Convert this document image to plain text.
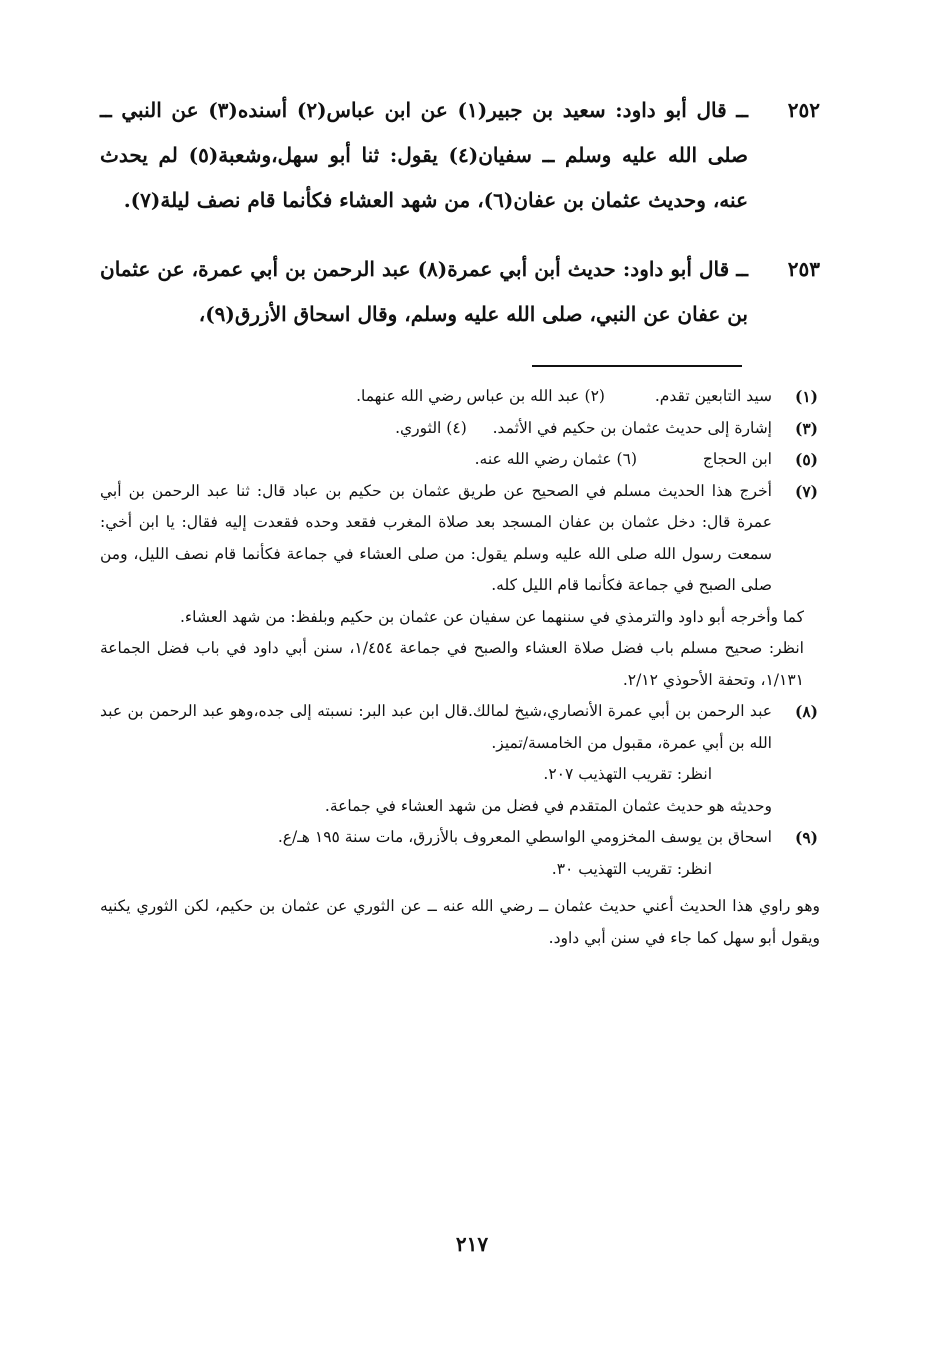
٢٥٢
ــ قال أبو داود: سعيد بن جبير(١) عن ابن عباس(٢) أسنده(٣) عن النبي ــ صلى الله عليه وسلم ــ سفيان(٤) يقول: ثنا أبو سهل،وشعبة(٥) لم يحدث عنه، وحديث عثمان بن عفان(٦)، من شهد العشاء فكأنما قام نصف ليلة(٧).
٢٥٣
ــ قال أبو داود: حديث أبن أبي عمرة(٨) عبد الرحمن بن أبي عمرة، عن عثمان بن عفان عن النبي، صلى الله عليه وسلم، وقال اسحاق الأزرق(٩)،
(١)
سيد التابعين تقدم.  (٢) عبد الله بن عباس رضي الله عنهما.
(٣)
إشارة إلى حديث عثمان بن حكيم في الأثمد.  (٤) الثوري.
(٥)
ابن الحجاج  (٦) عثمان رضي الله عنه.
(٧)
أخرج هذا الحديث مسلم في الصحيح عن طريق عثمان بن حكيم بن عباد قال: ثنا عبد الرحمن بن أبي عمرة قال: دخل عثمان بن عفان المسجد بعد صلاة المغرب فقعد وحده فقعدت إليه فقال: يا ابن أخي: سمعت رسول الله صلى الله عليه وسلم يقول: من صلى العشاء في جماعة فكأنما قام نصف الليل، ومن صلى الصبح في جماعة فكأنما قام الليل كله.
كما وأخرجه أبو داود والترمذي في سننهما عن سفيان عن عثمان بن حكيم وبلفظ: من شهد العشاء.
انظر: صحيح مسلم باب فضل صلاة العشاء والصبح في جماعة ١/٤٥٤، سنن أبي داود في باب فضل الجماعة ١/١٣١، وتحفة الأحوذي ٢/١٢.
(٨)
عبد الرحمن بن أبي عمرة الأنصاري،شيخ لمالك.قال ابن عبد البر: نسبته إلى جده،وهو عبد الرحمن بن عبد الله بن أبي عمرة، مقبول من الخامسة/تميز.
انظر: تقريب التهذيب ٢٠٧.
وحديثه هو حديث عثمان المتقدم في فضل من شهد العشاء في جماعة.
(٩)
اسحاق بن يوسف المخزومي الواسطي المعروف بالأزرق، مات سنة ١٩٥ هـ/ع.
انظر: تقريب التهذيب ٣٠.
وهو راوي هذا الحديث أعني حديث عثمان ــ رضي الله عنه ــ عن الثوري عن عثمان بن حكيم، لكن الثوري يكنيه ويقول أبو سهل كما جاء في سنن أبي داود.
٢١٧
